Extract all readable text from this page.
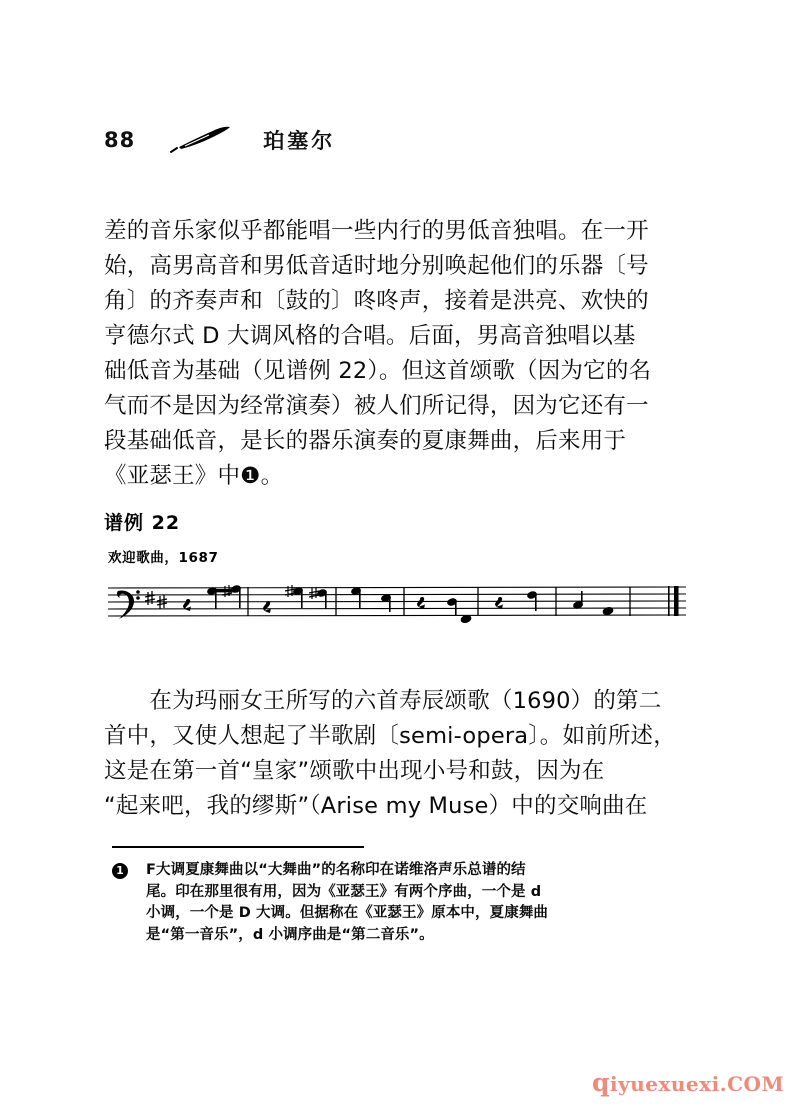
88	珀塞尔
差的音乐家似乎都能唱一些内行的男低音独唱。在一开
始，高男高音和男低音适时地分别唤起他们的乐器〔号
角〕的齐奏声和〔鼓的〕咚咚声，接着是洪亮、欢快的
亨德尔式 D 大调风格的合唱。后面，男高音独唱以基
础低音为基础（见谱例 22）。但这首颂歌（因为它的名
气而不是因为经常演奏）被人们所记得，因为它还有一
段基础低音，是长的器乐演奏的夏康舞曲，后来用于
《亚瑟王》中❶。
谱例 22
欢迎歌曲，1687
　　在为玛丽女王所写的六首寿辰颂歌（1690）的第二
首中，又使人想起了半歌剧〔semi-opera〕。如前所述，
这是在第一首“皇家”颂歌中出现小号和鼓，因为在
“起来吧，我的缪斯”（Arise my Muse）中的交响曲在
1 F大调夏康舞曲以“大舞曲”的名称印在诺维洛声乐总谱的结
尾。印在那里很有用，因为《亚瑟王》有两个序曲，一个是 d
小调，一个是 D 大调。但据称在《亚瑟王》原本中，夏康舞曲
是“第一音乐”，d 小调序曲是“第二音乐”。
qiyuexuexi.COM
